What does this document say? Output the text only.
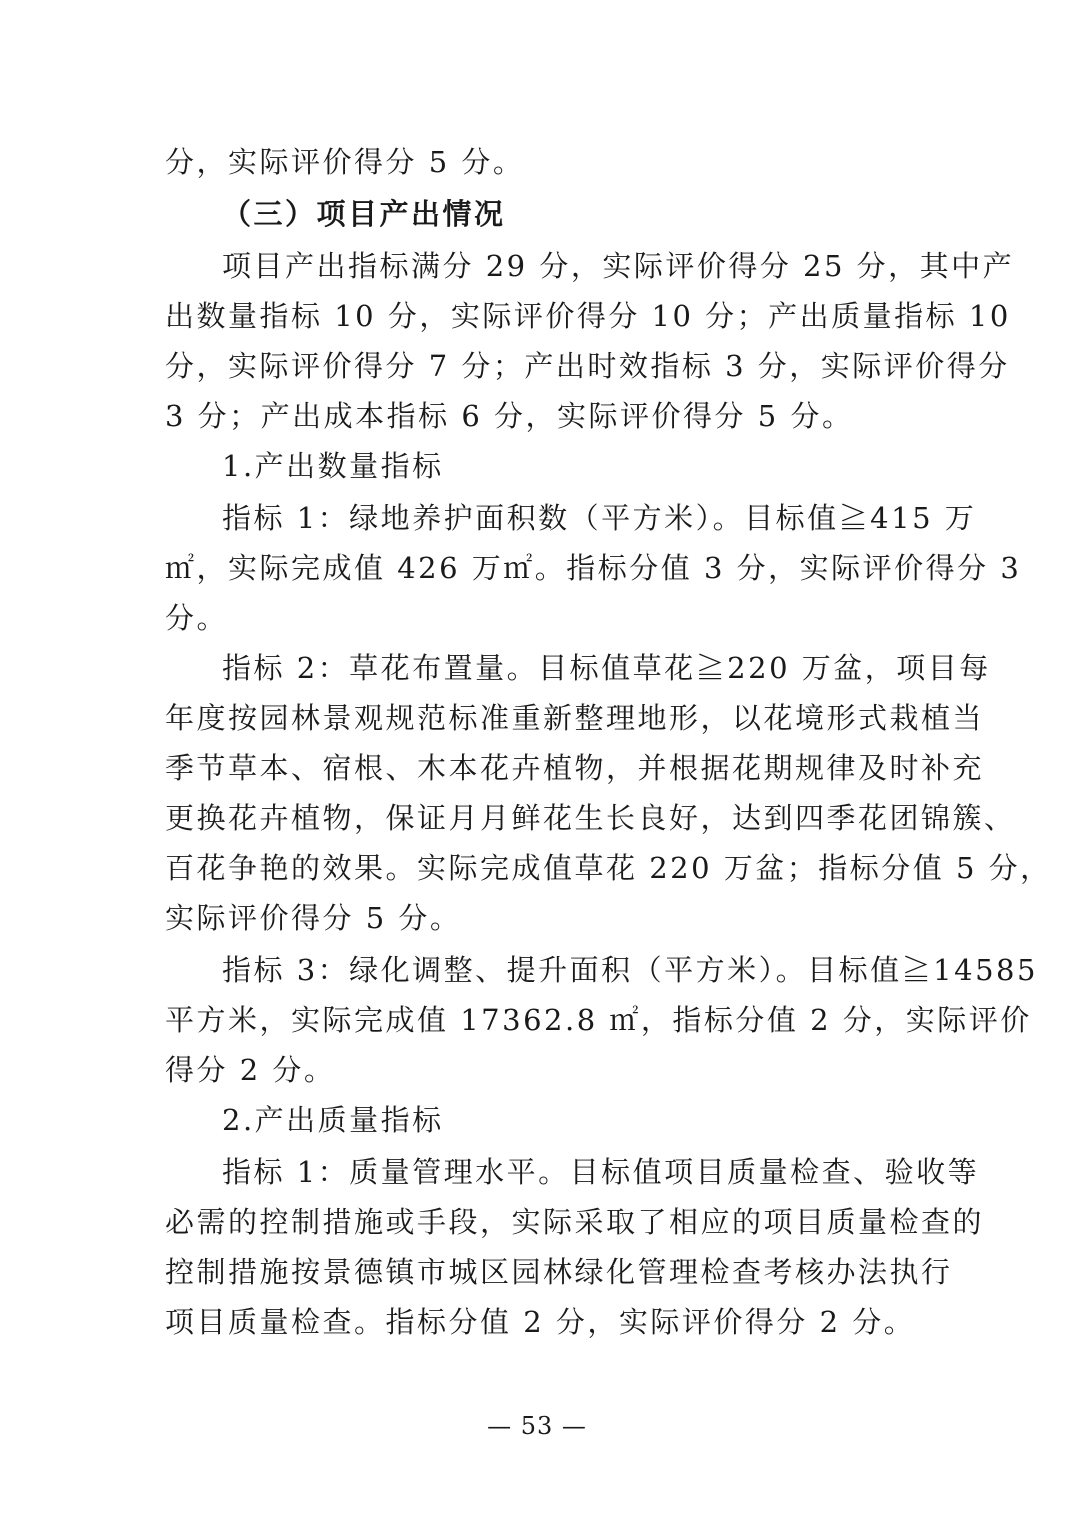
分，实际评价得分 5 分。
（三）项目产出情况
项目产出指标满分 29 分，实际评价得分 25 分，其中产
出数量指标 10 分，实际评价得分 10 分；产出质量指标 10
分，实际评价得分 7 分；产出时效指标 3 分，实际评价得分
3 分；产出成本指标 6 分，实际评价得分 5 分。
1.产出数量指标
指标 1：绿地养护面积数（平方米）。目标值≧415 万
㎡，实际完成值 426 万㎡。指标分值 3 分，实际评价得分 3
分。
指标 2：草花布置量。目标值草花≧220 万盆，项目每
年度按园林景观规范标准重新整理地形，以花境形式栽植当
季节草本、宿根、木本花卉植物，并根据花期规律及时补充
更换花卉植物，保证月月鲜花生长良好，达到四季花团锦簇、
百花争艳的效果。实际完成值草花 220 万盆；指标分值 5 分，
实际评价得分 5 分。
指标 3：绿化调整、提升面积（平方米）。目标值≧14585
平方米，实际完成值 17362.8 ㎡，指标分值 2 分，实际评价
得分 2 分。
2.产出质量指标
指标 1：质量管理水平。目标值项目质量检查、验收等
必需的控制措施或手段，实际采取了相应的项目质量检查的
控制措施按景德镇市城区园林绿化管理检查考核办法执行
项目质量检查。指标分值 2 分，实际评价得分 2 分。
— 53 —
